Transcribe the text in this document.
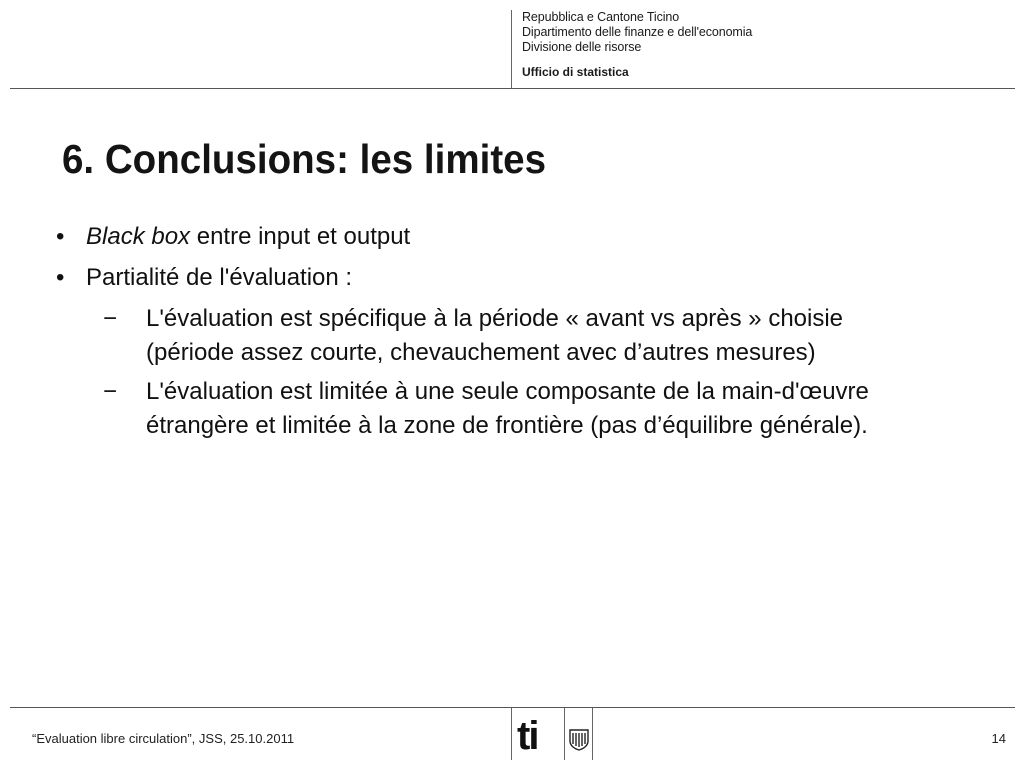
Repubblica e Cantone Ticino
Dipartimento delle finanze e dell'economia
Divisione delle risorse
Ufficio di statistica
6. Conclusions: les limites
• Black box entre input et output
• Partialité de l'évaluation :
− L'évaluation est spécifique à la période « avant vs après » choisie (période assez courte, chevauchement avec d’autres mesures)
− L'évaluation est limitée à une seule composante de la main-d'œuvre étrangère et limitée à la zone de frontière (pas d’équilibre générale).
“Evaluation libre circulation”, JSS, 25.10.2011	ti	14
